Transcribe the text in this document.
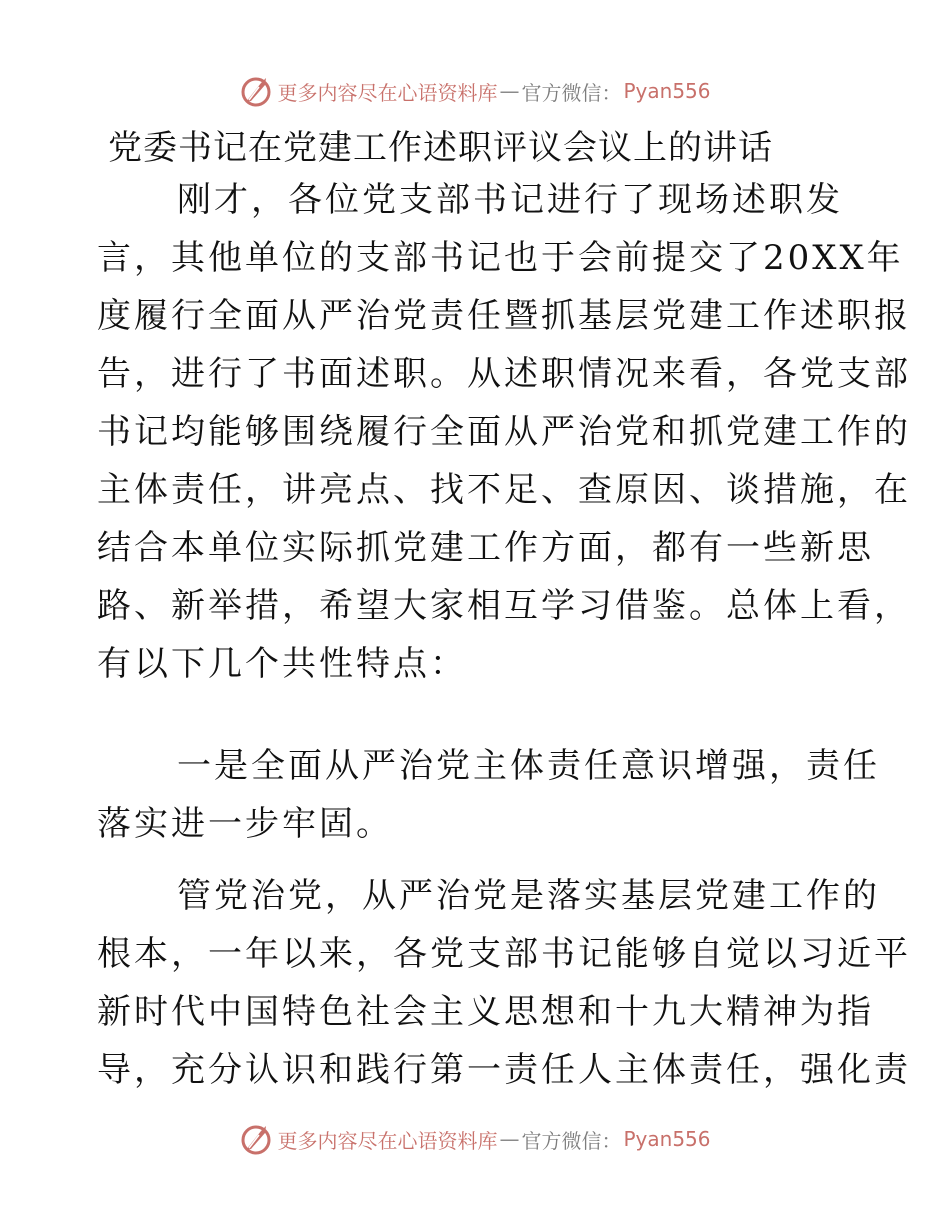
更多内容尽在心语资料库 — 官方微信： Pyan556
党委书记在党建工作述职评议会议上的讲话

刚才，各位党支部书记进行了现场述职发
言，其他单位的支部书记也于会前提交了20XX年
度履行全面从严治党责任暨抓基层党建工作述职报
告，进行了书面述职。从述职情况来看，各党支部
书记均能够围绕履行全面从严治党和抓党建工作的
主体责任，讲亮点、找不足、查原因、谈措施，在
结合本单位实际抓党建工作方面，都有一些新思
路、新举措，希望大家相互学习借鉴。总体上看，
有以下几个共性特点：

一是全面从严治党主体责任意识增强，责任
落实进一步牢固。

管党治党，从严治党是落实基层党建工作的
根本，一年以来，各党支部书记能够自觉以习近平
新时代中国特色社会主义思想和十九大精神为指
导，充分认识和践行第一责任人主体责任，强化责

更多内容尽在心语资料库 — 官方微信： Pyan556
